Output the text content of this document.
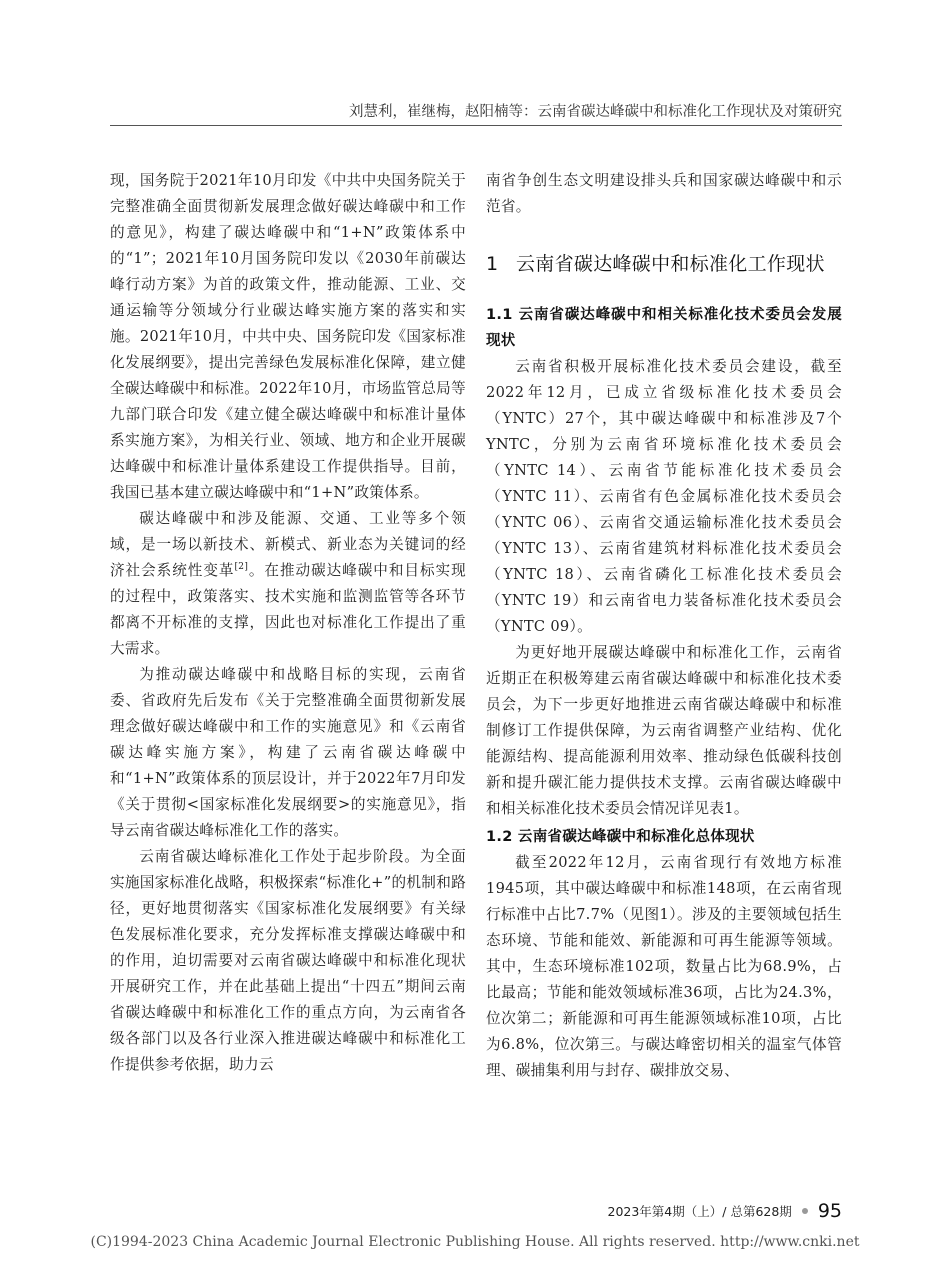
刘慧利，崔继梅，赵阳楠等：云南省碳达峰碳中和标准化工作现状及对策研究

现，国务院于2021年10月印发《中共中央国务院关于完整准确全面贯彻新发展理念做好碳达峰碳中和工作的意见》，构建了碳达峰碳中和“1+N”政策体系中的“1”；2021年10月国务院印发以《2030年前碳达峰行动方案》为首的政策文件，推动能源、工业、交通运输等分领域分行业碳达峰实施方案的落实和实施。2021年10月，中共中央、国务院印发《国家标准化发展纲要》，提出完善绿色发展标准化保障，建立健全碳达峰碳中和标准。2022年10月，市场监管总局等九部门联合印发《建立健全碳达峰碳中和标准计量体系实施方案》，为相关行业、领域、地方和企业开展碳达峰碳中和标准计量体系建设工作提供指导。目前，我国已基本建立碳达峰碳中和“1+N”政策体系。

碳达峰碳中和涉及能源、交通、工业等多个领域，是一场以新技术、新模式、新业态为关键词的经济社会系统性变革[2]。在推动碳达峰碳中和目标实现的过程中，政策落实、技术实施和监测监管等各环节都离不开标准的支撑，因此也对标准化工作提出了重大需求。

为推动碳达峰碳中和战略目标的实现，云南省委、省政府先后发布《关于完整准确全面贯彻新发展理念做好碳达峰碳中和工作的实施意见》和《云南省碳达峰实施方案》，构建了云南省碳达峰碳中和“1+N”政策体系的顶层设计，并于2022年7月印发《关于贯彻<国家标准化发展纲要>的实施意见》，指导云南省碳达峰标准化工作的落实。

云南省碳达峰标准化工作处于起步阶段。为全面实施国家标准化战略，积极探索“标准化+”的机制和路径，更好地贯彻落实《国家标准化发展纲要》有关绿色发展标准化要求，充分发挥标准支撑碳达峰碳中和的作用，迫切需要对云南省碳达峰碳中和标准化现状开展研究工作，并在此基础上提出“十四五”期间云南省碳达峰碳中和标准化工作的重点方向，为云南省各级各部门以及各行业深入推进碳达峰碳中和标准化工作提供参考依据，助力云

南省争创生态文明建设排头兵和国家碳达峰碳中和示范省。

1 云南省碳达峰碳中和标准化工作现状
1.1 云南省碳达峰碳中和相关标准化技术委员会发展现状

云南省积极开展标准化技术委员会建设，截至2022年12月，已成立省级标准化技术委员会（YNTC）27个，其中碳达峰碳中和标准涉及7个YNTC，分别为云南省环境标准化技术委员会（YNTC 14）、云南省节能标准化技术委员会（YNTC 11）、云南省有色金属标准化技术委员会（YNTC 06）、云南省交通运输标准化技术委员会（YNTC 13）、云南省建筑材料标准化技术委员会（YNTC 18）、云南省磷化工标准化技术委员会（YNTC 19）和云南省电力装备标准化技术委员会（YNTC 09）。

为更好地开展碳达峰碳中和标准化工作，云南省近期正在积极筹建云南省碳达峰碳中和标准化技术委员会，为下一步更好地推进云南省碳达峰碳中和标准制修订工作提供保障，为云南省调整产业结构、优化能源结构、提高能源利用效率、推动绿色低碳科技创新和提升碳汇能力提供技术支撑。云南省碳达峰碳中和相关标准化技术委员会情况详见表1。

1.2 云南省碳达峰碳中和标准化总体现状

截至2022年12月，云南省现行有效地方标准1945项，其中碳达峰碳中和标准148项，在云南省现行标准中占比7.7%（见图1）。涉及的主要领域包括生态环境、节能和能效、新能源和可再生能源等领域。其中，生态环境标准102项，数量占比为68.9%，占比最高；节能和能效领域标准36项，占比为24.3%，位次第二；新能源和可再生能源领域标准10项，占比为6.8%，位次第三。与碳达峰密切相关的温室气体管理、碳捕集利用与封存、碳排放交易、

2023年第4期（上）/ 总第628期 95
(C)1994-2023 China Academic Journal Electronic Publishing House. All rights reserved. http://www.cnki.net
